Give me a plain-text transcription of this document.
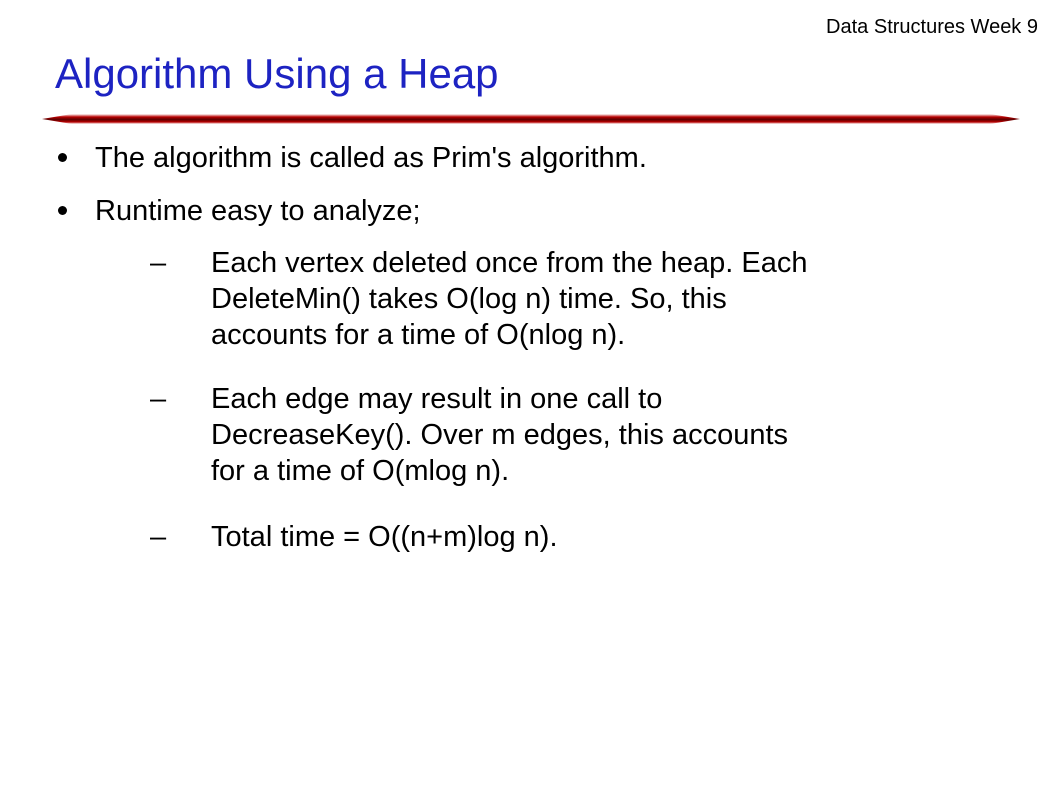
Data Structures Week 9
Algorithm Using a Heap
The algorithm is called as Prim's algorithm.
Runtime easy to analyze;
–	Each vertex deleted once from the heap. Each
DeleteMin() takes O(log n) time. So, this
accounts for a time of O(nlog n).
–	Each edge may result in one call to
DecreaseKey(). Over m edges, this accounts
for a time of O(mlog n).
–	Total time = O((n+m)log n).
